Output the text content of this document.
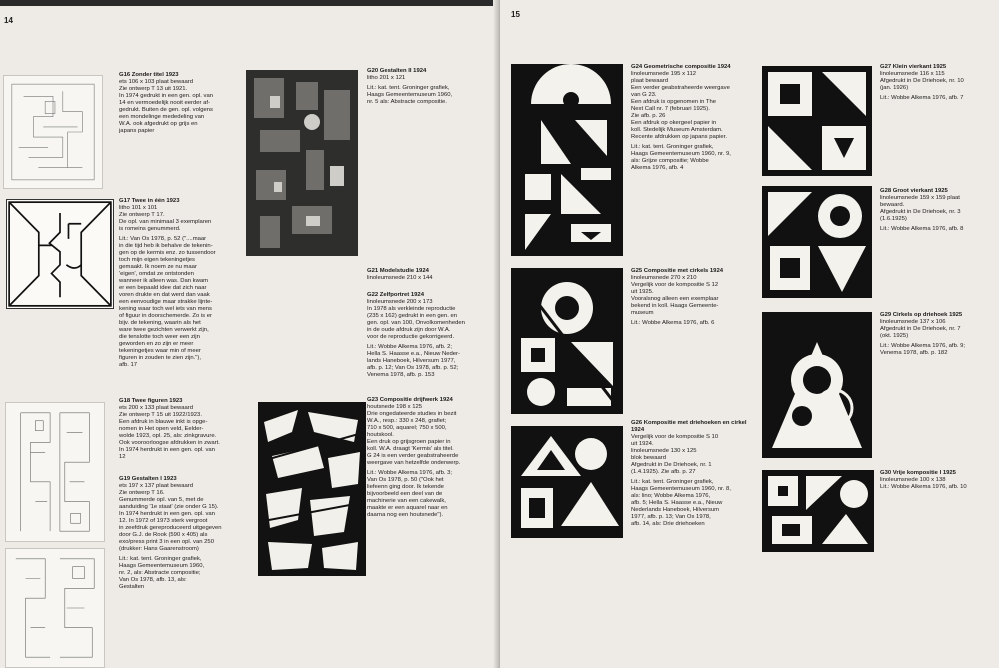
14
G16 Zonder titel 1923
ets 106 x 103 plaat bewaard
Zie ontwerp T 13 uit 1921.
In 1974 gedrukt in een gen. opl. van
14 en vermoedelijk nooit eerder af-
gedrukt. Buiten de gen. opl. volgens
een mondelinge mededeling van
W.A. ook afgedrukt op grijs en
japans papier
G17 Twee in één 1923
litho 101 x 101
Zie ontwerp T 17.
De opl. van minimaal 3 exemplaren
is romeins genummerd.
Lit.: Van Os 1978, p. 52 ("....maar
in die tijd heb ik behalve de tekenin-
gen op de kermis enz. zo tussendoor
toch mijn eigen tekeningetjes
gemaakt. Ik noem ze nu maar
'eigen', omdat ze ontstonden
wanneer ik alleen was. Dan kwam
er een bepaald idee dat zich naar
voren drukte en dat werd dan vaak
een eenvoudige maar strakke lijnte-
kening waar toch wel iets van mens
of figuur in doorschemerde. Zo is er
bijv. de tekening, waarin als het
ware twee gezichten verwerkt zijn,
die tenslotte toch weer een zijn
geworden en zo zijn er meer
tekeningetjes waar min of meer
figuren in zouden te zien zijn."),
afb. 17
G18 Twee figuren 1923
ets 200 x 133 plaat bewaard
Zie ontwerp T 15 uit 1922/1923.
Een afdruk in blauwe inkt is opge-
nomen in Het open veld, Eelder-
wolde 1923, opl. 25, als: zinkgravure.
Ook vooroorloogse afdrukken in zwart.
In 1974 herdrukt in een gen. opl. van
12
G19 Gestalten I 1923
ets 197 x 137 plaat bewaard
Zie ontwerp T 16.
Genummerde opl. van 5, met de
aanduiding '1e staat' (zie onder G 15).
In 1974 herdrukt in een gen. opl. van
12. In 1972 of 1973 sterk vergroot
in zeefdruk gereproduceerd uitgegeven
door G.J. de Rook (590 x 405) als
exo/press print 3 in een opl. van 250
(drukker: Hans Gaarenstroom)
Lit.: kat. tent. Groninger grafiek,
Haags Gemeentemuseum 1960,
nr. 2, als: Abstracte compositie;
Van Os 1978, afb. 13, als:
Gestalten
G20 Gestalten II 1924
litho 201 x 121
Lit.: kat. tent. Groninger grafiek,
Haags Gemeentemuseum 1960,
nr. 5 als: Abstracte compositie.
G21 Modelstudie 1924
linoleumsnede 210 x 144
G22 Zelfportret 1924
linoleumsnede 200 x 173
In 1978 als verkleinde reproductie
(235 x 162) gedrukt in een gen. en
gen. opl. van 100, Onvolkomenheden
in de oude afdruk zijn door W.A.
voor de reproductie gekorrigeerd.
Lit.: Wobbe Alkema 1976, afb. 2;
Hella S. Haasse e.a., Nieuw Neder-
lands Haneboek, Hilversum 1977,
afb. p. 12; Van Os 1978, afb. p. 52;
Venema 1978, afb. p. 153
G23 Compositie drijfwerk 1924
houtsnede 198 x 125
Drie ongedateerde studies in bezit
W.A., resp.: 330 x 248, grafiet;
710 x 500, aquarel; 750 x 500,
houtskool.
Een druk op grijsgroen papier in
koll. W.A. draagt 'Kermis' als titel.
G 24 is een verder geabstraheerde
weergave van hetzelfde onderwerp.
Lit.: Wobbe Alkema 1976, afb. 3;
Van Os 1978, p. 50 ("Ook het
liefeenn ging door. Ik tekende
bijvoorbeeld een deel van de
machinerie van een cakewalk,
maakte er een aquarel naar en
daarna nog een houtsnede").
15
G24 Geometrische compositie 1924
linoleumsnede 195 x 112
plaat bewaard
Een verder geabstraheerde weergave
van G 23.
Een afdruk is opgenomen in The
Next Call nr. 7 (februari 1925).
Zie afb. p. 26
Een afdruk op okergeel papier in
koll. Stedelijk Museum Amsterdam.
Recente afdrukken op japans papier.
Lit.: kat. tent. Groninger grafiek,
Haags Gemeentemuseum 1960, nr. 9,
als: Grijze compositie; Wobbe
Alkema 1976, afb. 4
G25 Compositie met cirkels 1924
linoleumsnede 270 x 210
Vergelijk voor de kompositie S 12
uit 1925.
Vooralsnog alleen een exemplaar
bekend in koll. Haags Gemeente-
museum
Lit.: Wobbe Alkema 1976, afb. 6
G26 Kompositie met driehoeken en cirkel 1924
Vergelijk voor de kompositie S 10
uit 1924.
linoleumsnede 130 x 125
blok bewaard
Afgedrukt in De Driehoek, nr. 1
(1.4.1925). Zie afb. p. 27
Lit.: kat. tent. Groninger grafiek,
Haags Gemeentemuseum 1960, nr. 8,
als: lino; Wobbe Alkema 1976,
afb. 5; Hella S. Haasse e.a., Nieuw
Nederlands Haneboek, Hilversum
1977, afb. p. 13; Van Os 1978,
afb. 14, als: Drie driehoeken
G27 Klein vierkant 1925
linoleumsnede 116 x 115
Afgedrukt in De Driehoek, nr. 10
(jan. 1926)
Lit.: Wobbe Alkema 1976, afb. 7
G28 Groot vierkant 1925
linoleumsnede 159 x 159 plaat
bewaard.
Afgedrukt in De Driehoek, nr. 3
(1.6.1925)
Lit.: Wobbe Alkema 1976, afb. 8
G29 Cirkels op driehoek 1925
linoleumsnede 137 x 106
Afgedrukt in De Driehoek, nr. 7
(okt. 1925)
Lit.: Wobbe Alkema 1976, afb. 9;
Venema 1978, afb. p. 182
G30 Vrije kompositie I 1925
linoleumsnede 100 x 138
Lit.: Wobbe Alkema 1976, afb. 10
